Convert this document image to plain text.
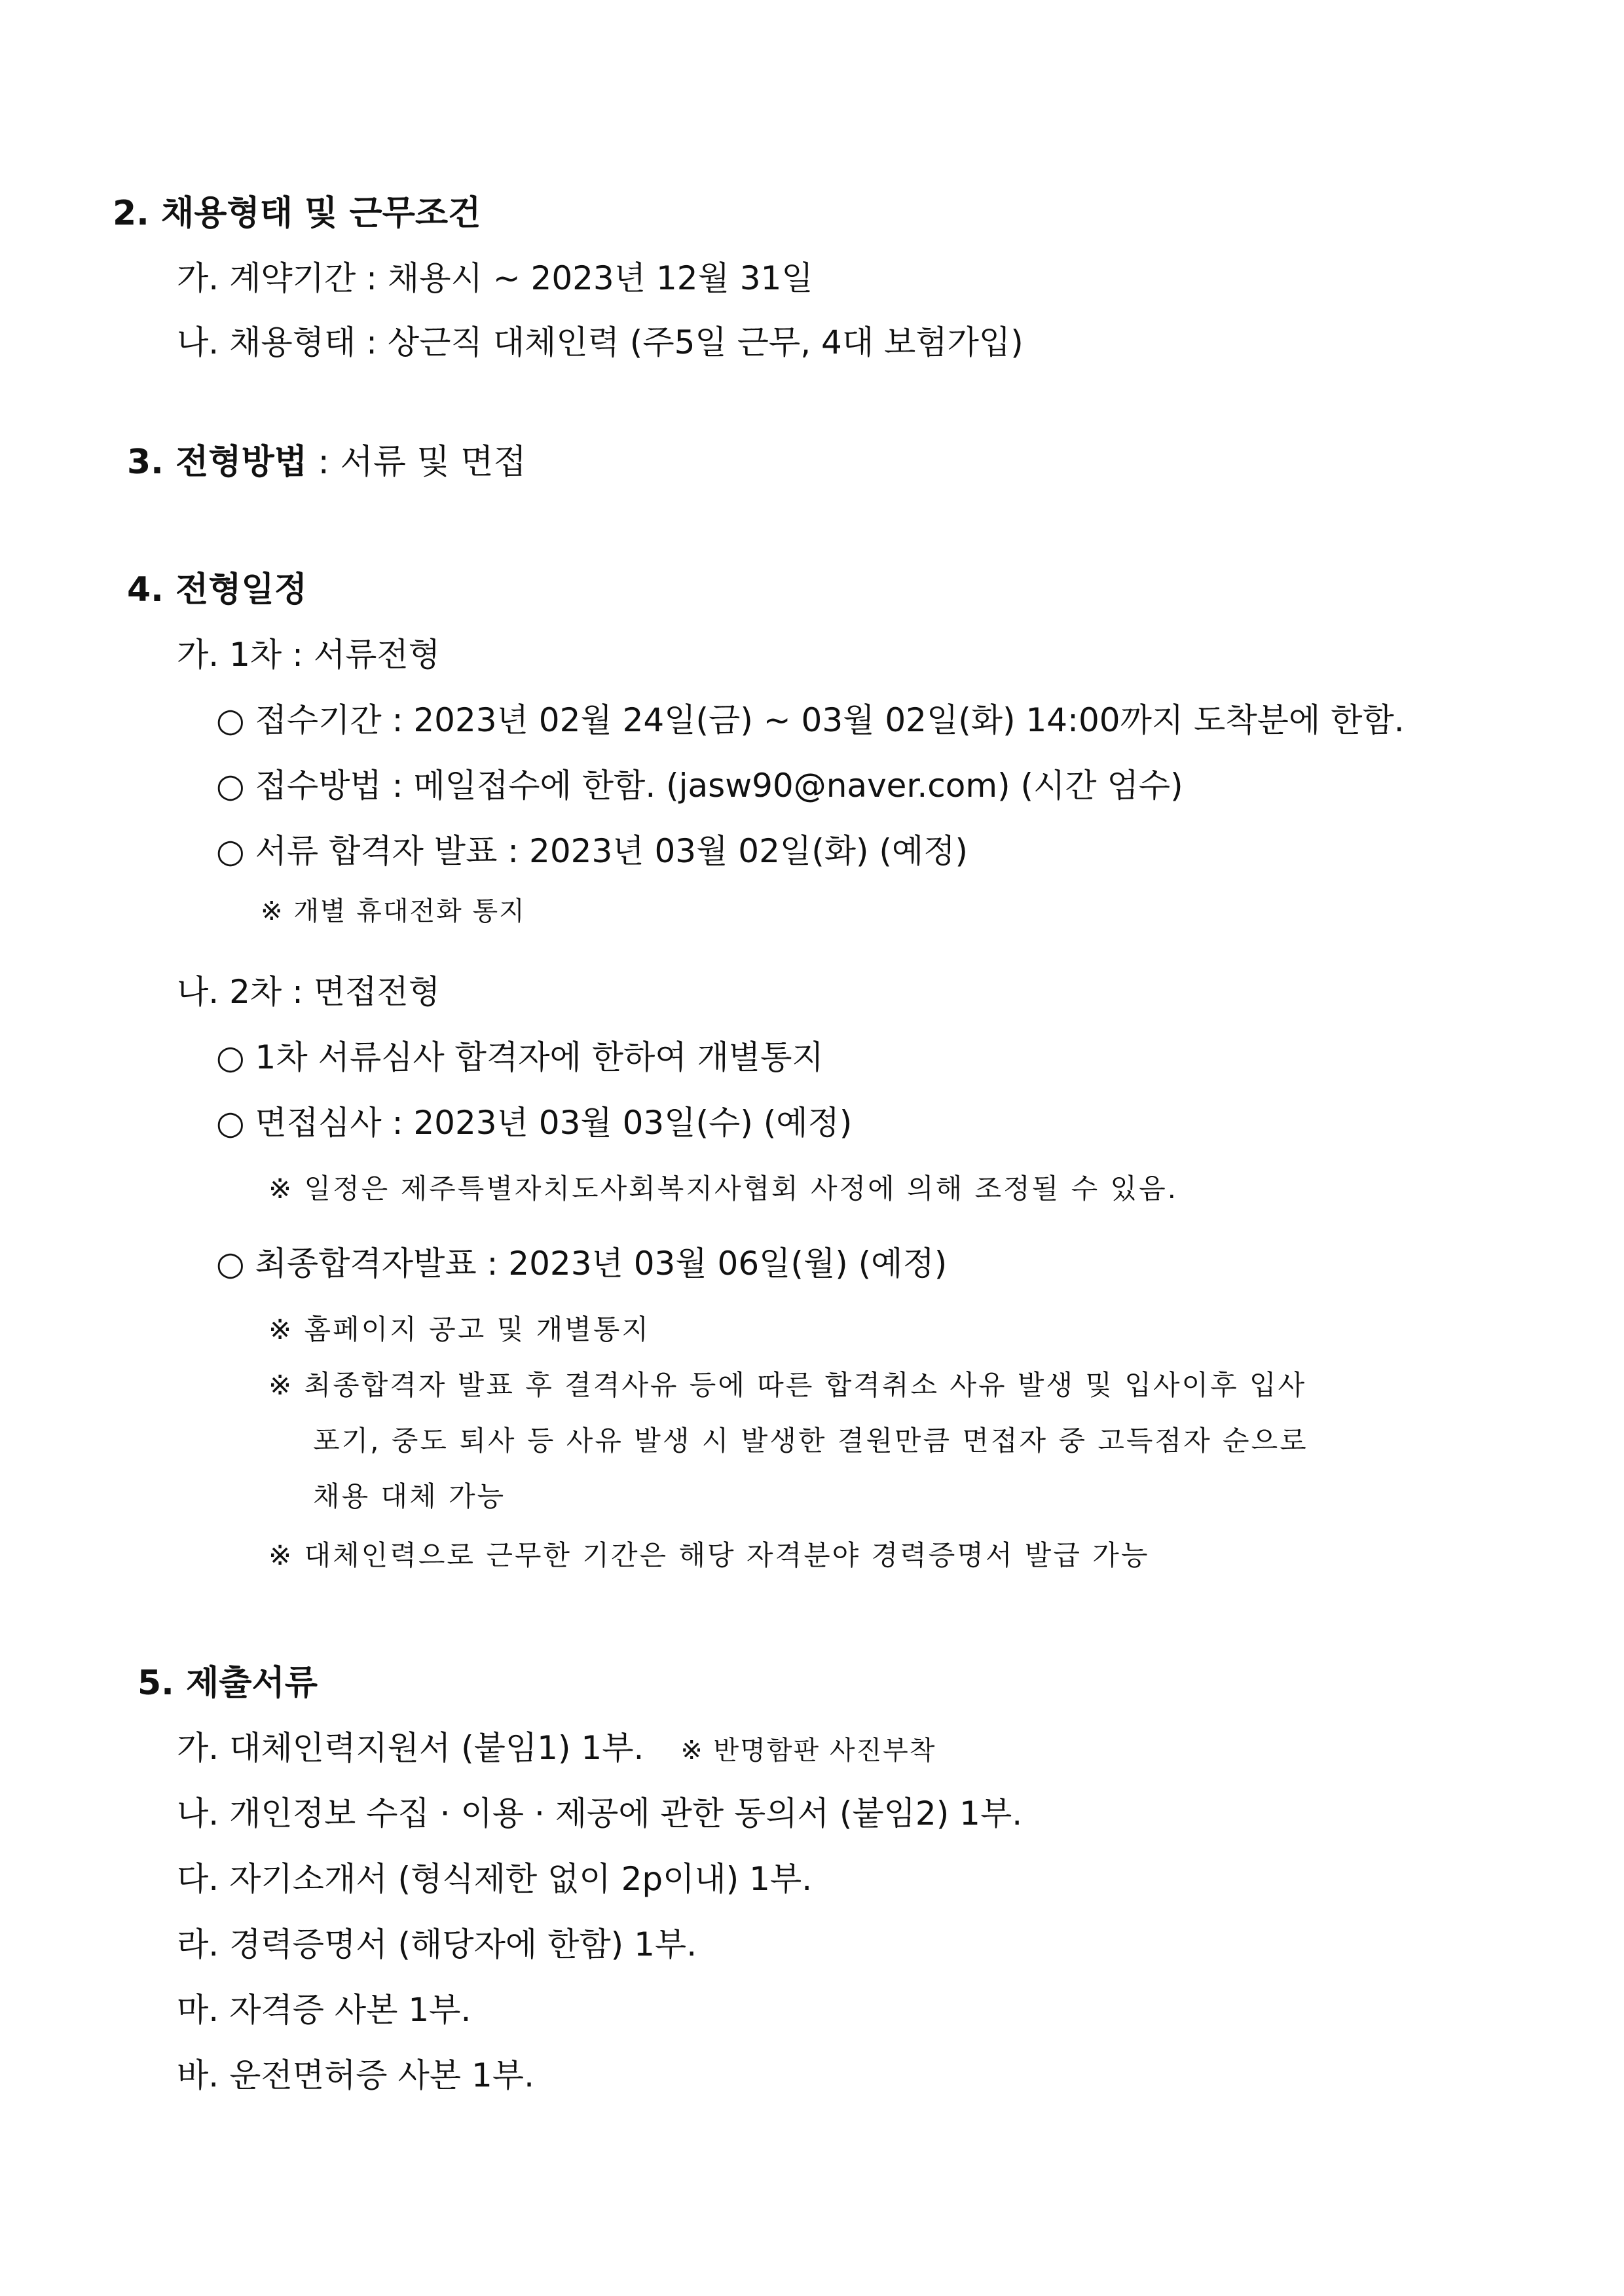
2. 채용형태 및 근무조건
가. 계약기간 : 채용시 ~ 2023년 12월 31일
나. 채용형태 : 상근직 대체인력 (주5일 근무, 4대 보험가입)
3. 전형방법 : 서류 및 면접
4. 전형일정
가. 1차 : 서류전형
○ 접수기간 : 2023년 02월 24일(금) ~ 03월 02일(화) 14:00까지 도착분에 한함.
○ 접수방법 : 메일접수에 한함. (jasw90@naver.com) (시간 엄수)
○ 서류 합격자 발표 : 2023년 03월 02일(화) (예정)
※ 개별 휴대전화 통지
나. 2차 : 면접전형
○ 1차 서류심사 합격자에 한하여 개별통지
○ 면접심사 : 2023년 03월 03일(수) (예정)
※ 일정은 제주특별자치도사회복지사협회 사정에 의해 조정될 수 있음.
○ 최종합격자발표 : 2023년 03월 06일(월) (예정)
※ 홈페이지 공고 및 개별통지
※ 최종합격자 발표 후 결격사유 등에 따른 합격취소 사유 발생 및 입사이후 입사
포기, 중도 퇴사 등 사유 발생 시 발생한 결원만큼 면접자 중 고득점자 순으로
채용 대체 가능
※ 대체인력으로 근무한 기간은 해당 자격분야 경력증명서 발급 가능
5. 제출서류
가. 대체인력지원서 (붙임1) 1부. ※ 반명함판 사진부착
나. 개인정보 수집 · 이용 · 제공에 관한 동의서 (붙임2) 1부.
다. 자기소개서 (형식제한 없이 2p이내) 1부.
라. 경력증명서 (해당자에 한함) 1부.
마. 자격증 사본 1부.
바. 운전면허증 사본 1부.
